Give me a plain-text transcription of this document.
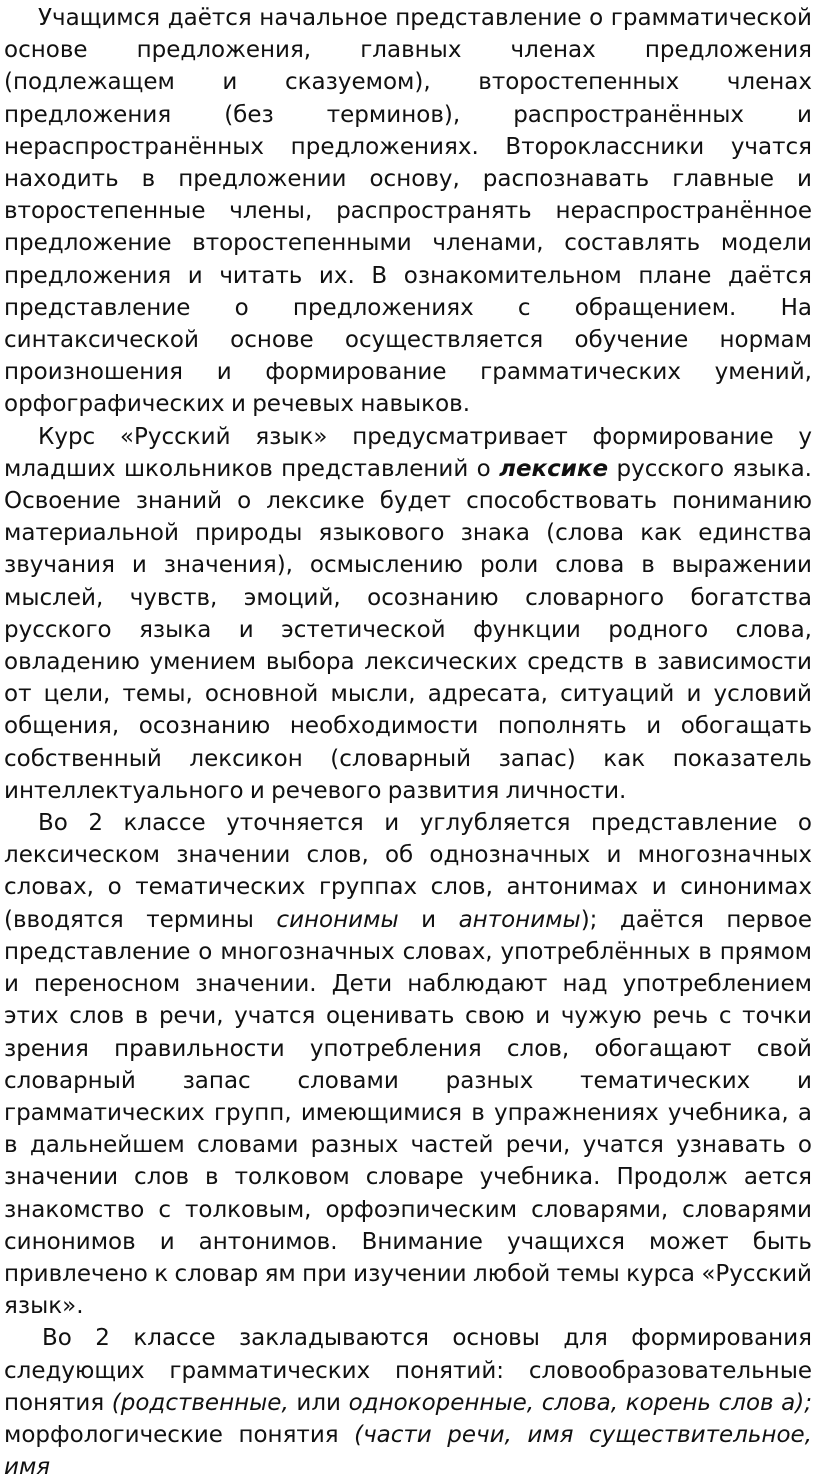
Учащимся даётся начальное представление о грамматической основе предложения, главных членах предложения (подлежащем и сказуемом), второстепенных членах предложения (без терминов), распространённых и нераспространённых предложениях. Второклассники учатся находить в предложении основу, распознавать главные и второстепенные члены, распространять нераспространённое предложение второстепенными членами, составлять модели предложения и читать их. В ознакомительном плане даётся представление о предложениях с обращением. На синтаксической основе осуществляется обучение нормам произношения и формирование грамматических умений, орфографических и речевых навыков.

Курс «Русский язык» предусматривает формирование у младших школьников представлений о лексике русского языка. Освоение знаний о лексике будет способствовать пониманию материальной природы языкового знака (слова как единства звучания и значения), осмыслению роли слова в выражении мыслей, чувств, эмоций, осознанию словарного богатства русского языка и эстетической функции родного слова, овладению умением выбора лексических средств в зависимости от цели, темы, основной мысли, адресата, ситуаций и условий общения, осознанию необходимости пополнять и обогащать собственный лексикон (словарный запас) как показатель интеллектуального и речевого развития личности.

Во 2 классе уточняется и углубляется представление о лексическом значении слов, об однозначных и многозначных словах, о тематических группах слов, антонимах и синонимах (вводятся термины синонимы и антонимы); даётся первое представление о многозначных словах, употреблённых в прямом и переносном значении. Дети наблюдают над употреблением этих слов в речи, учатся оценивать свою и чужую речь с точки зрения правильности употребления слов, обогащают свой словарный запас словами разных тематических и грамматических групп, имеющимися в упражнениях учебника, а в дальнейшем словами разных частей речи, учатся узнавать о значении слов в толковом словаре учебника. Продолж ается знакомство с толковым, орфоэпическим словарями, словарями синонимов и антонимов. Внимание учащихся может быть привлечено к словар ям при изучении любой темы курса «Русский язык».

Во 2 классе закладываются основы для формирования следующих грамматических понятий: словообразовательные понятия (родственные, или однокоренные, слова, корень слов а); морфологические понятия (части речи, имя существительное, имя
